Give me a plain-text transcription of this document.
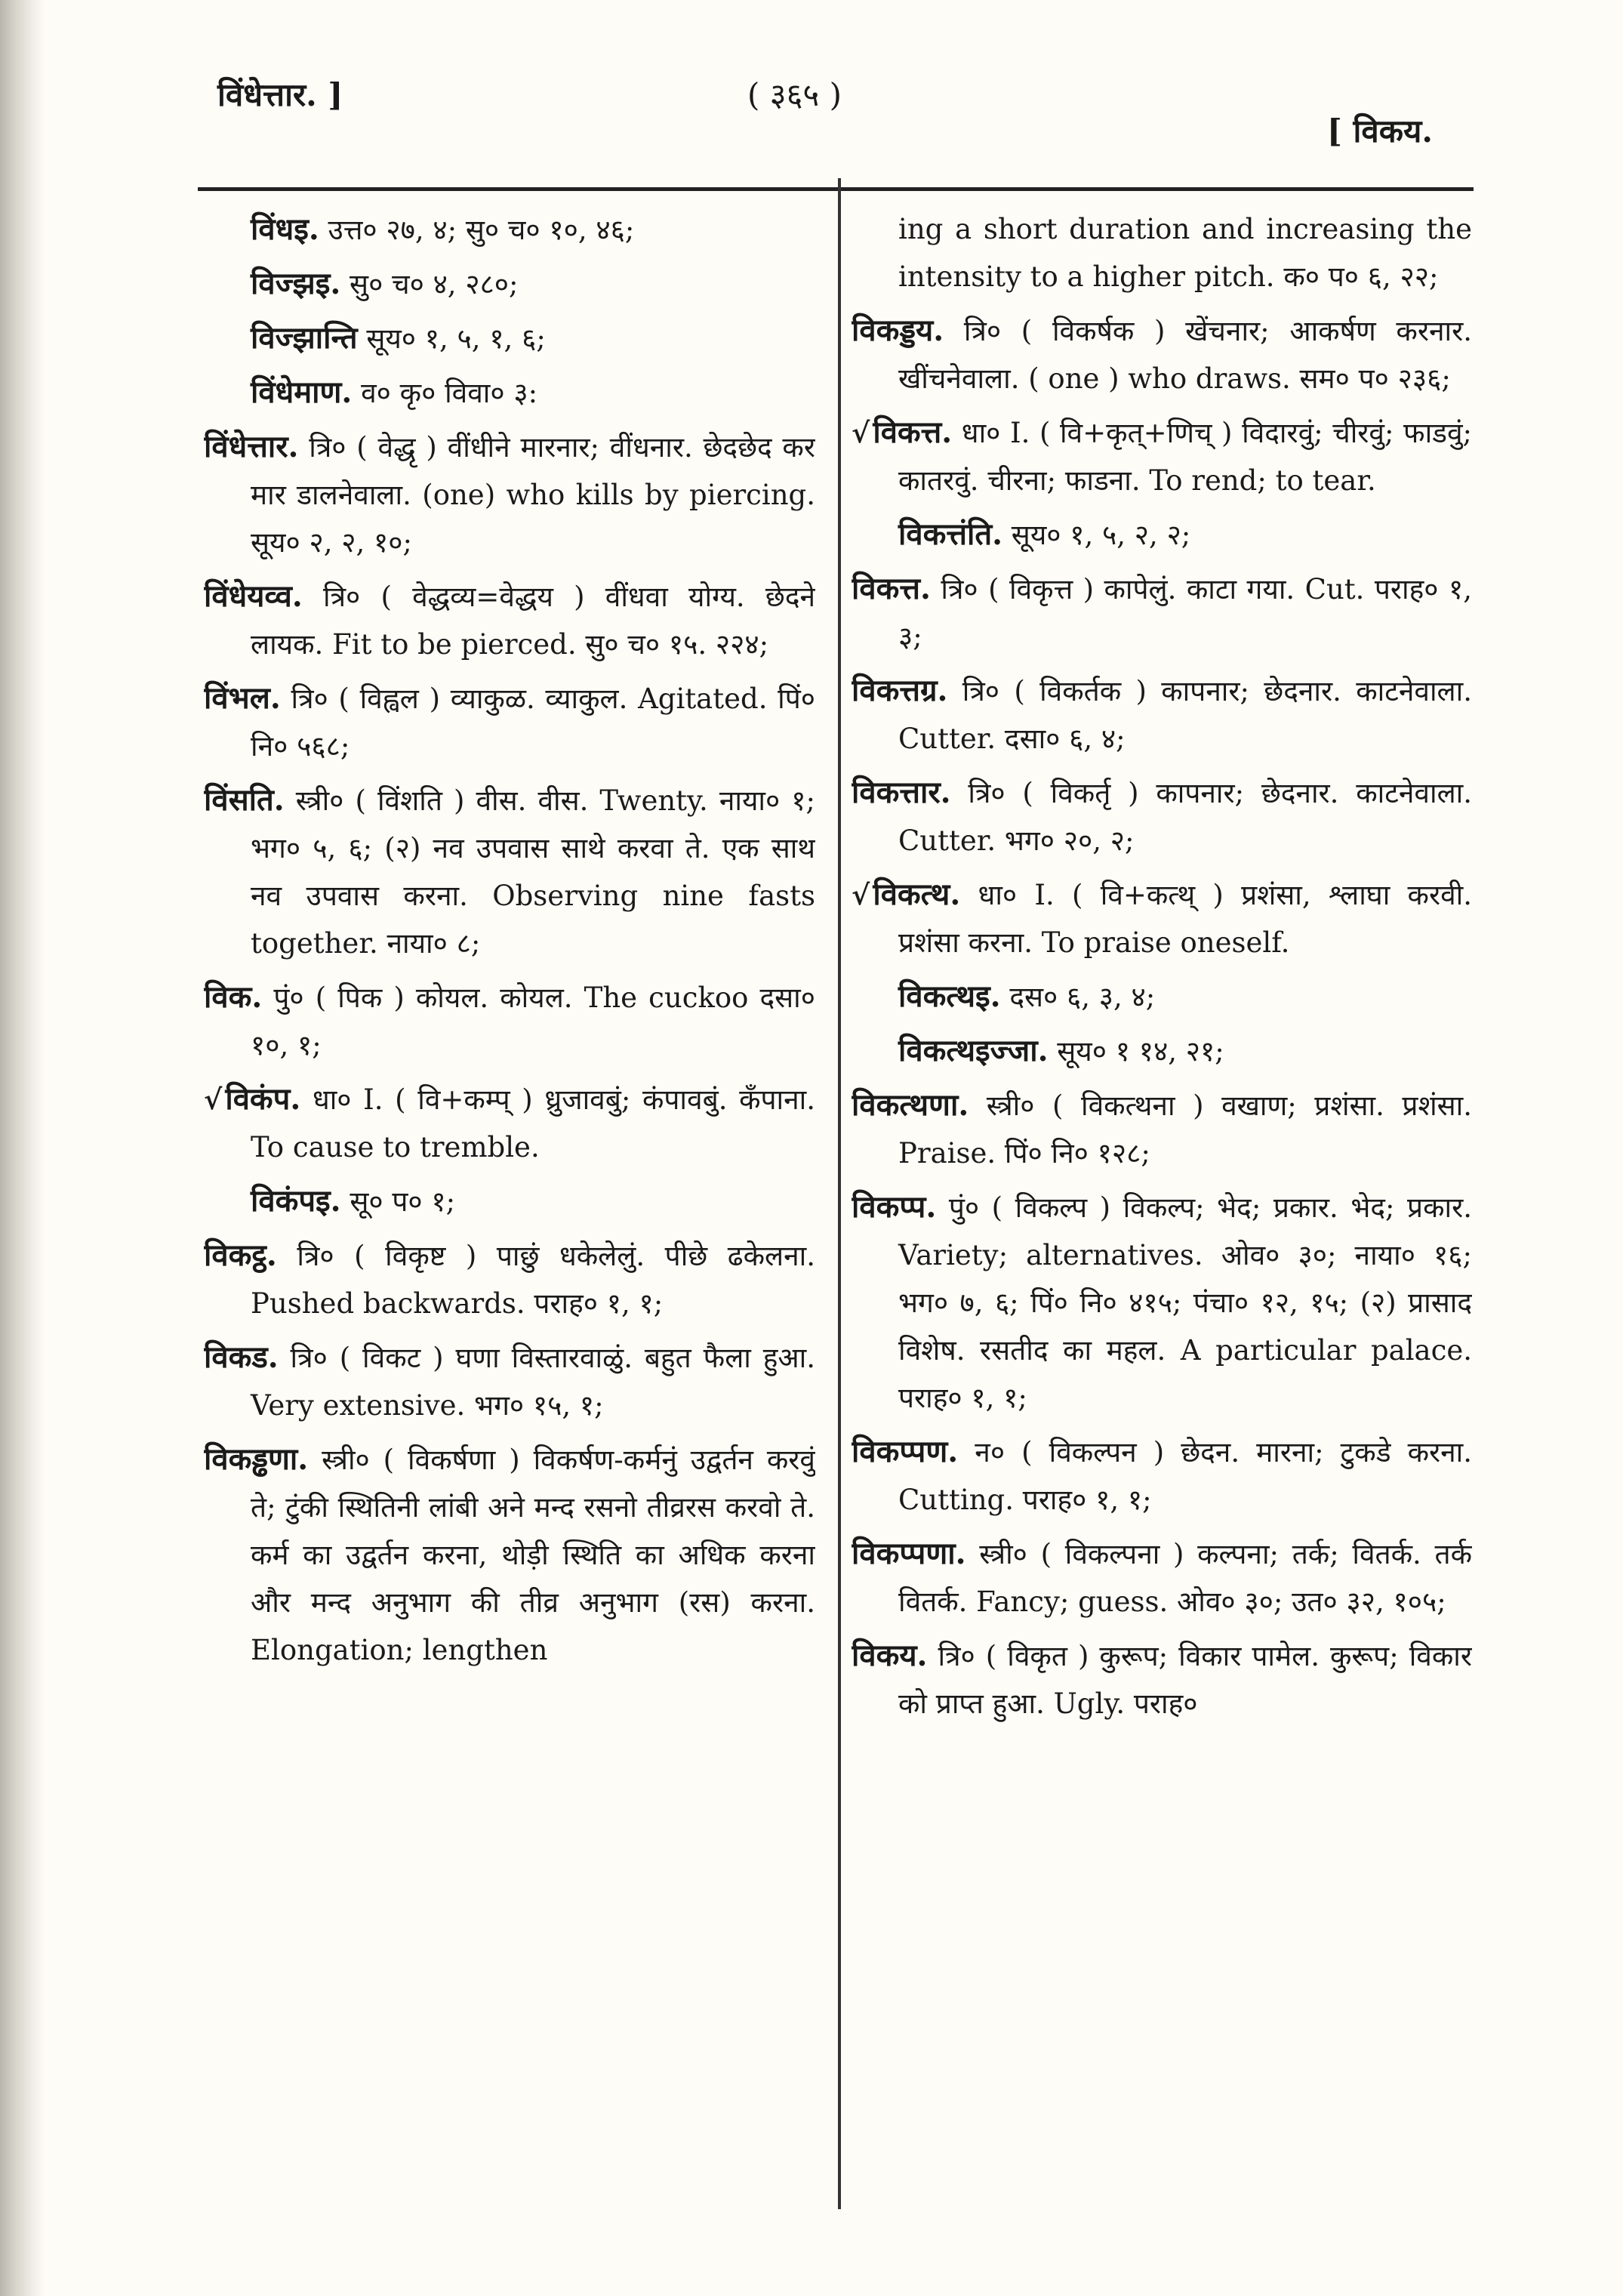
विंधेत्तार. ]	( ३६५ )
[ विकय.
विंधइ. उत्त० २७, ४; सु० च० १०, ४६;
विज्झइ. सु० च० ४, २८०;
विज्झान्ति सूय० १, ५, १, ६;
विंधेमाण. व० कृ० विवा० ३:
विंधेत्तार. त्रि० ( वेद्धृ ) वींधीने मारनार; वींधनार. छेदछेद कर मार डालनेवाला. (one) who kills by piercing. सूय० २, २, १०;
विंधेयव्व. त्रि० ( वेद्धव्य=वेद्धय ) वींधवा योग्य. छेदने लायक. Fit to be pierced. सु० च० १५. २२४;
विंभल. त्रि० ( विह्वल ) व्याकुळ. व्याकुल. Agitated. पिं० नि० ५६८;
विंसति. स्त्री० ( विंशति ) वीस. वीस. Twenty. नाया० १; भग० ५, ६; (२) नव उपवास साथे करवा ते. एक साथ नव उपवास करना. Observing nine fasts together. नाया० ८;
विक. पुं० ( पिक ) कोयल. कोयल. The cuckoo दसा० १०, १;
√ विकंप. धा० I. ( वि+कम्प् ) ध्रुजावबुं; कंपावबुं. कँपाना. To cause to tremble.
विकंपइ. सू० प० १;
विकट्ठ. त्रि० ( विकृष्ट ) पाछुं धकेलेलुं. पीछे ढकेलना. Pushed backwards. पराह० १, १;
विकड. त्रि० ( विकट ) घणा विस्तारवाळुं. बहुत फैला हुआ. Very extensive. भग० १५, १;
विकड्ढणा. स्त्री० ( विकर्षणा ) विकर्षण-कर्मनुं उद्वर्तन करवुं ते; टुंकी स्थितिनी लांबी अने मन्द रसनो तीव्ररस करवो ते. कर्म का उद्वर्तन करना, थोड़ी स्थिति का अधिक करना और मन्द अनुभाग की तीव्र अनुभाग (रस) करना. Elongation; lengthen
ing a short duration and increasing the intensity to a higher pitch. क० प० ६, २२;
विकड्डय. त्रि० ( विकर्षक ) खेंचनार; आकर्षण करनार. खींचनेवाला. ( one ) who draws. सम० प० २३६;
√ विकत्त. धा० I. ( वि+कृत्+णिच् ) विदारवुं; चीरवुं; फाडवुं; कातरवुं. चीरना; फाडना. To rend; to tear.
विकत्तंति. सूय० १, ५, २, २;
विकत्त. त्रि० ( विकृत्त ) कापेलुं. काटा गया. Cut. पराह० १, ३;
विकत्तग्र. त्रि० ( विकर्तक ) कापनार; छेदनार. काटनेवाला. Cutter. दसा० ६, ४;
विकत्तार. त्रि० ( विकर्तृ ) कापनार; छेदनार. काटनेवाला. Cutter. भग० २०, २;
√ विकत्थ. धा० I. ( वि+कत्थ् ) प्रशंसा, श्लाघा करवी. प्रशंसा करना. To praise oneself.
विकत्थइ. दस० ६, ३, ४;
विकत्थइज्जा. सूय० १ १४, २१;
विकत्थणा. स्त्री० ( विकत्थना ) वखाण; प्रशंसा. प्रशंसा. Praise. पिं० नि० १२८;
विकप्प. पुं० ( विकल्प ) विकल्प; भेद; प्रकार. भेद; प्रकार. Variety; alternatives. ओव० ३०; नाया० १६; भग० ७, ६; पिं० नि० ४१५; पंचा० १२, १५; (२) प्रासाद विशेष. रसतीद का महल. A particular palace. पराह० १, १;
विकप्पण. न० ( विकल्पन ) छेदन. मारना; टुकडे करना. Cutting. पराह० १, १;
विकप्पणा. स्त्री० ( विकल्पना ) कल्पना; तर्क; वितर्क. तर्क वितर्क. Fancy; guess. ओव० ३०; उत० ३२, १०५;
विकय. त्रि० ( विकृत ) कुरूप; विकार पामेल. कुरूप; विकार को प्राप्त हुआ. Ugly. पराह०
